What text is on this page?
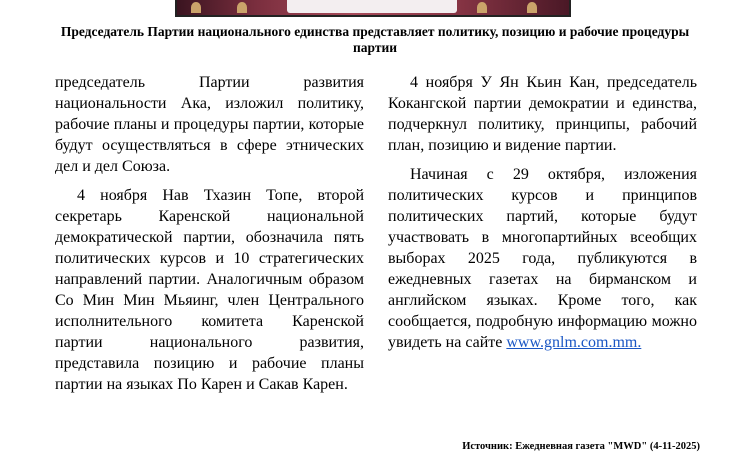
Председатель Партии национального единства представляет политику, позицию и рабочие процедуры партии

председатель Партии развития национальности Ака, изложил политику, рабочие планы и процедуры партии, которые будут осуществляться в сфере этнических дел и дел Союза.

4 ноября Нав Тхазин Топе, второй секретарь Каренской национальной демократической партии, обозначила пять политических курсов и 10 стратегических направлений партии. Аналогичным образом Со Мин Мин Мьяинг, член Центрального исполнительного комитета Каренской партии национального развития, представила позицию и рабочие планы партии на языках По Карен и Сакав Карен.

4 ноября У Ян Кьин Кан, председатель Кокангской партии демократии и единства, подчеркнул политику, принципы, рабочий план, позицию и видение партии.

Начиная с 29 октября, изложения политических курсов и принципов политических партий, которые будут участвовать в многопартийных всеобщих выборах 2025 года, публикуются в ежедневных газетах на бирманском и английском языках. Кроме того, как сообщается, подробную информацию можно увидеть на сайте www.gnlm.com.mm.

Источник: Ежедневная газета "MWD" (4-11-2025)
